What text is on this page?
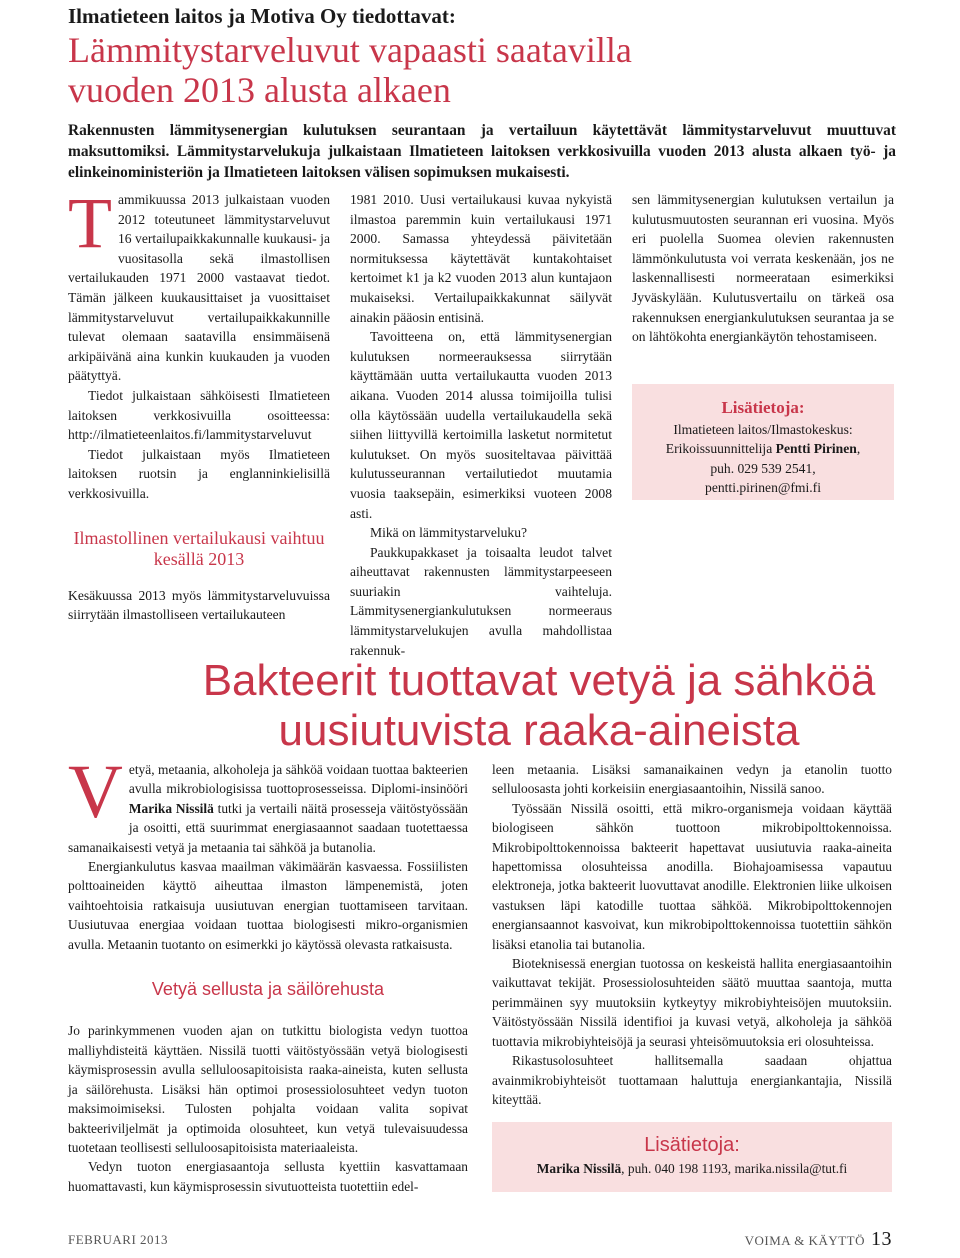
Ilmatieteen laitos ja Motiva Oy tiedottavat:
Lämmitystarveluvut vapaasti saatavilla
vuoden 2013 alusta alkaen
Rakennusten lämmitysenergian kulutuksen seurantaan ja vertailuun käytettävät lämmitystarveluvut muuttuvat maksuttomiksi. Lämmitystarvelukuja julkaistaan Ilmatieteen laitoksen verkkosivuilla vuoden 2013 alusta alkaen työ- ja elinkeinoministeriön ja Ilmatieteen laitoksen välisen sopimuksen mukaisesti.

T ammikuussa 2013 julkaistaan vuoden 2012 toteutuneet lämmitystarveluvut 16 vertailupaikkakunnalle kuukausi- ja vuositasolla sekä ilmastollisen vertailukauden 1971 2000 vastaavat tiedot. Tämän jälkeen kuukausittaiset ja vuosittaiset lämmitystarveluvut vertailupaikkakunnille tulevat olemaan saatavilla ensimmäisenä arkipäivänä aina kunkin kuukauden ja vuoden päätyttyä.

Tiedot julkaistaan sähköisesti Ilmatieteen laitoksen verkkosivuilla osoitteessa: http://ilmatieteenlaitos.fi/lammitystarveluvut

Tiedot julkaistaan myös Ilmatieteen laitoksen ruotsin ja englanninkielisillä verkkosivuilla.

Ilmastollinen vertailukausi vaihtuu kesällä 2013

Kesäkuussa 2013 myös lämmitystarveluvuissa siirrytään ilmastolliseen vertailukauteen

1981 2010. Uusi vertailukausi kuvaa nykyistä ilmastoa paremmin kuin vertailukausi 1971 2000. Samassa yhteydessä päivitetään normituksessa käytettävät kuntakohtaiset kertoimet k1 ja k2 vuoden 2013 alun kuntajaon mukaiseksi. Vertailupaikkakunnat säilyvät ainakin pääosin entisinä.

Tavoitteena on, että lämmitysenergian kulutuksen normeerauksessa siirrytään käyttämään uutta vertailukautta vuoden 2013 aikana. Vuoden 2014 alussa toimijoilla tulisi olla käytössään uudella vertailukaudella sekä siihen liittyvillä kertoimilla lasketut normitetut kulutukset. On myös suositeltavaa päivittää kulutusseurannan vertailutiedot muutamia vuosia taaksepäin, esimerkiksi vuoteen 2008 asti.

Mikä on lämmitystarveluku?

Paukkupakkaset ja toisaalta leudot talvet aiheuttavat rakennusten lämmitystarpeeseen suuriakin vaihteluja. Lämmitysenergiankulutuksen normeeraus lämmitystarvelukujen avulla mahdollistaa rakennuk-

sen lämmitysenergian kulutuksen vertailun ja kulutusmuutosten seurannan eri vuosina. Myös eri puolella Suomea olevien rakennusten lämmönkulutusta voi verrata keskenään, jos ne laskennallisesti normeerataan esimerkiksi Jyväskylään. Kulutusvertailu on tärkeä osa rakennuksen energiankulutuksen seurantaa ja se on lähtökohta energiankäytön tehostamiseen.

Lisätietoja:
Ilmatieteen laitos/Ilmastokeskus:
Erikoissuunnittelija Pentti Pirinen,
puh. 029 539 2541,
pentti.pirinen@fmi.fi
Bakteerit tuottavat vetyä ja sähköä
uusiutuvista raaka-aineista

V etyä, metaania, alkoholeja ja sähköä voidaan tuottaa bakteerien avulla mikrobiologisissa tuottoprosesseissa. Diplomi-insinööri Marika Nissilä tutki ja vertaili näitä prosesseja väitöstyössään ja osoitti, että suurimmat energiasaannot saadaan tuotettaessa samanaikaisesti vetyä ja metaania tai sähköä ja butanolia.

Energiankulutus kasvaa maailman väkimäärän kasvaessa. Fossiilisten polttoaineiden käyttö aiheuttaa ilmaston lämpenemistä, joten vaihtoehtoisia ratkaisuja uusiutuvan energian tuottamiseen tarvitaan. Uusiutuvaa energiaa voidaan tuottaa biologisesti mikro-organismien avulla. Metaanin tuotanto on esimerkki jo käytössä olevasta ratkaisusta.

Vetyä sellusta ja säilörehusta

Jo parinkymmenen vuoden ajan on tutkittu biologista vedyn tuottoa malliyhdisteitä käyttäen. Nissilä tuotti väitöstyössään vetyä biologisesti käymisprosessin avulla selluloosapitoisista raaka-aineista, kuten sellusta ja säilörehusta. Lisäksi hän optimoi prosessiolosuhteet vedyn tuoton maksimoimiseksi. Tulosten pohjalta voidaan valita sopivat bakteeriviljelmät ja optimoida olosuhteet, kun vetyä tulevaisuudessa tuotetaan teollisesti selluloosapitoisista materiaaleista.

Vedyn tuoton energiasaantoja sellusta kyettiin kasvattamaan huomattavasti, kun käymisprosessin sivutuotteista tuotettiin edel-

leen metaania. Lisäksi samanaikainen vedyn ja etanolin tuotto selluloosasta johti korkeisiin energiasaantoihin, Nissilä sanoo.

Työssään Nissilä osoitti, että mikro-organismeja voidaan käyttää biologiseen sähkön tuottoon mikrobipolttokennoissa. Mikrobipolttokennoissa bakteerit hapettavat uusiutuvia raaka-aineita hapettomissa olosuhteissa anodilla. Biohajoamisessa vapautuu elektroneja, jotka bakteerit luovuttavat anodille. Elektronien liike ulkoisen vastuksen läpi katodille tuottaa sähköä. Mikrobipolttokennojen energiansaannot kasvoivat, kun mikrobipolttokennoissa tuotettiin sähkön lisäksi etanolia tai butanolia.

Bioteknisessä energian tuotossa on keskeistä hallita energiasaantoihin vaikuttavat tekijät. Prosessiolosuhteiden säätö muuttaa saantoja, mutta perimmäinen syy muutoksiin kytkeytyy mikrobiyhteisöjen muutoksiin. Väitöstyössään Nissilä identifioi ja kuvasi vetyä, alkoholeja ja sähköä tuottavia mikrobiyhteisöjä ja seurasi yhteisömuutoksia eri olosuhteissa.

Rikastusolosuhteet hallitsemalla saadaan ohjattua avainmikrobiyhteisöt tuottamaan haluttuja energiankantajia, Nissilä kiteyttää.

Lisätietoja:
Marika Nissilä, puh. 040 198 1193, marika.nissila@tut.fi
FEBRUARI 2013	VOIMA & KÄYTTÖ 13
